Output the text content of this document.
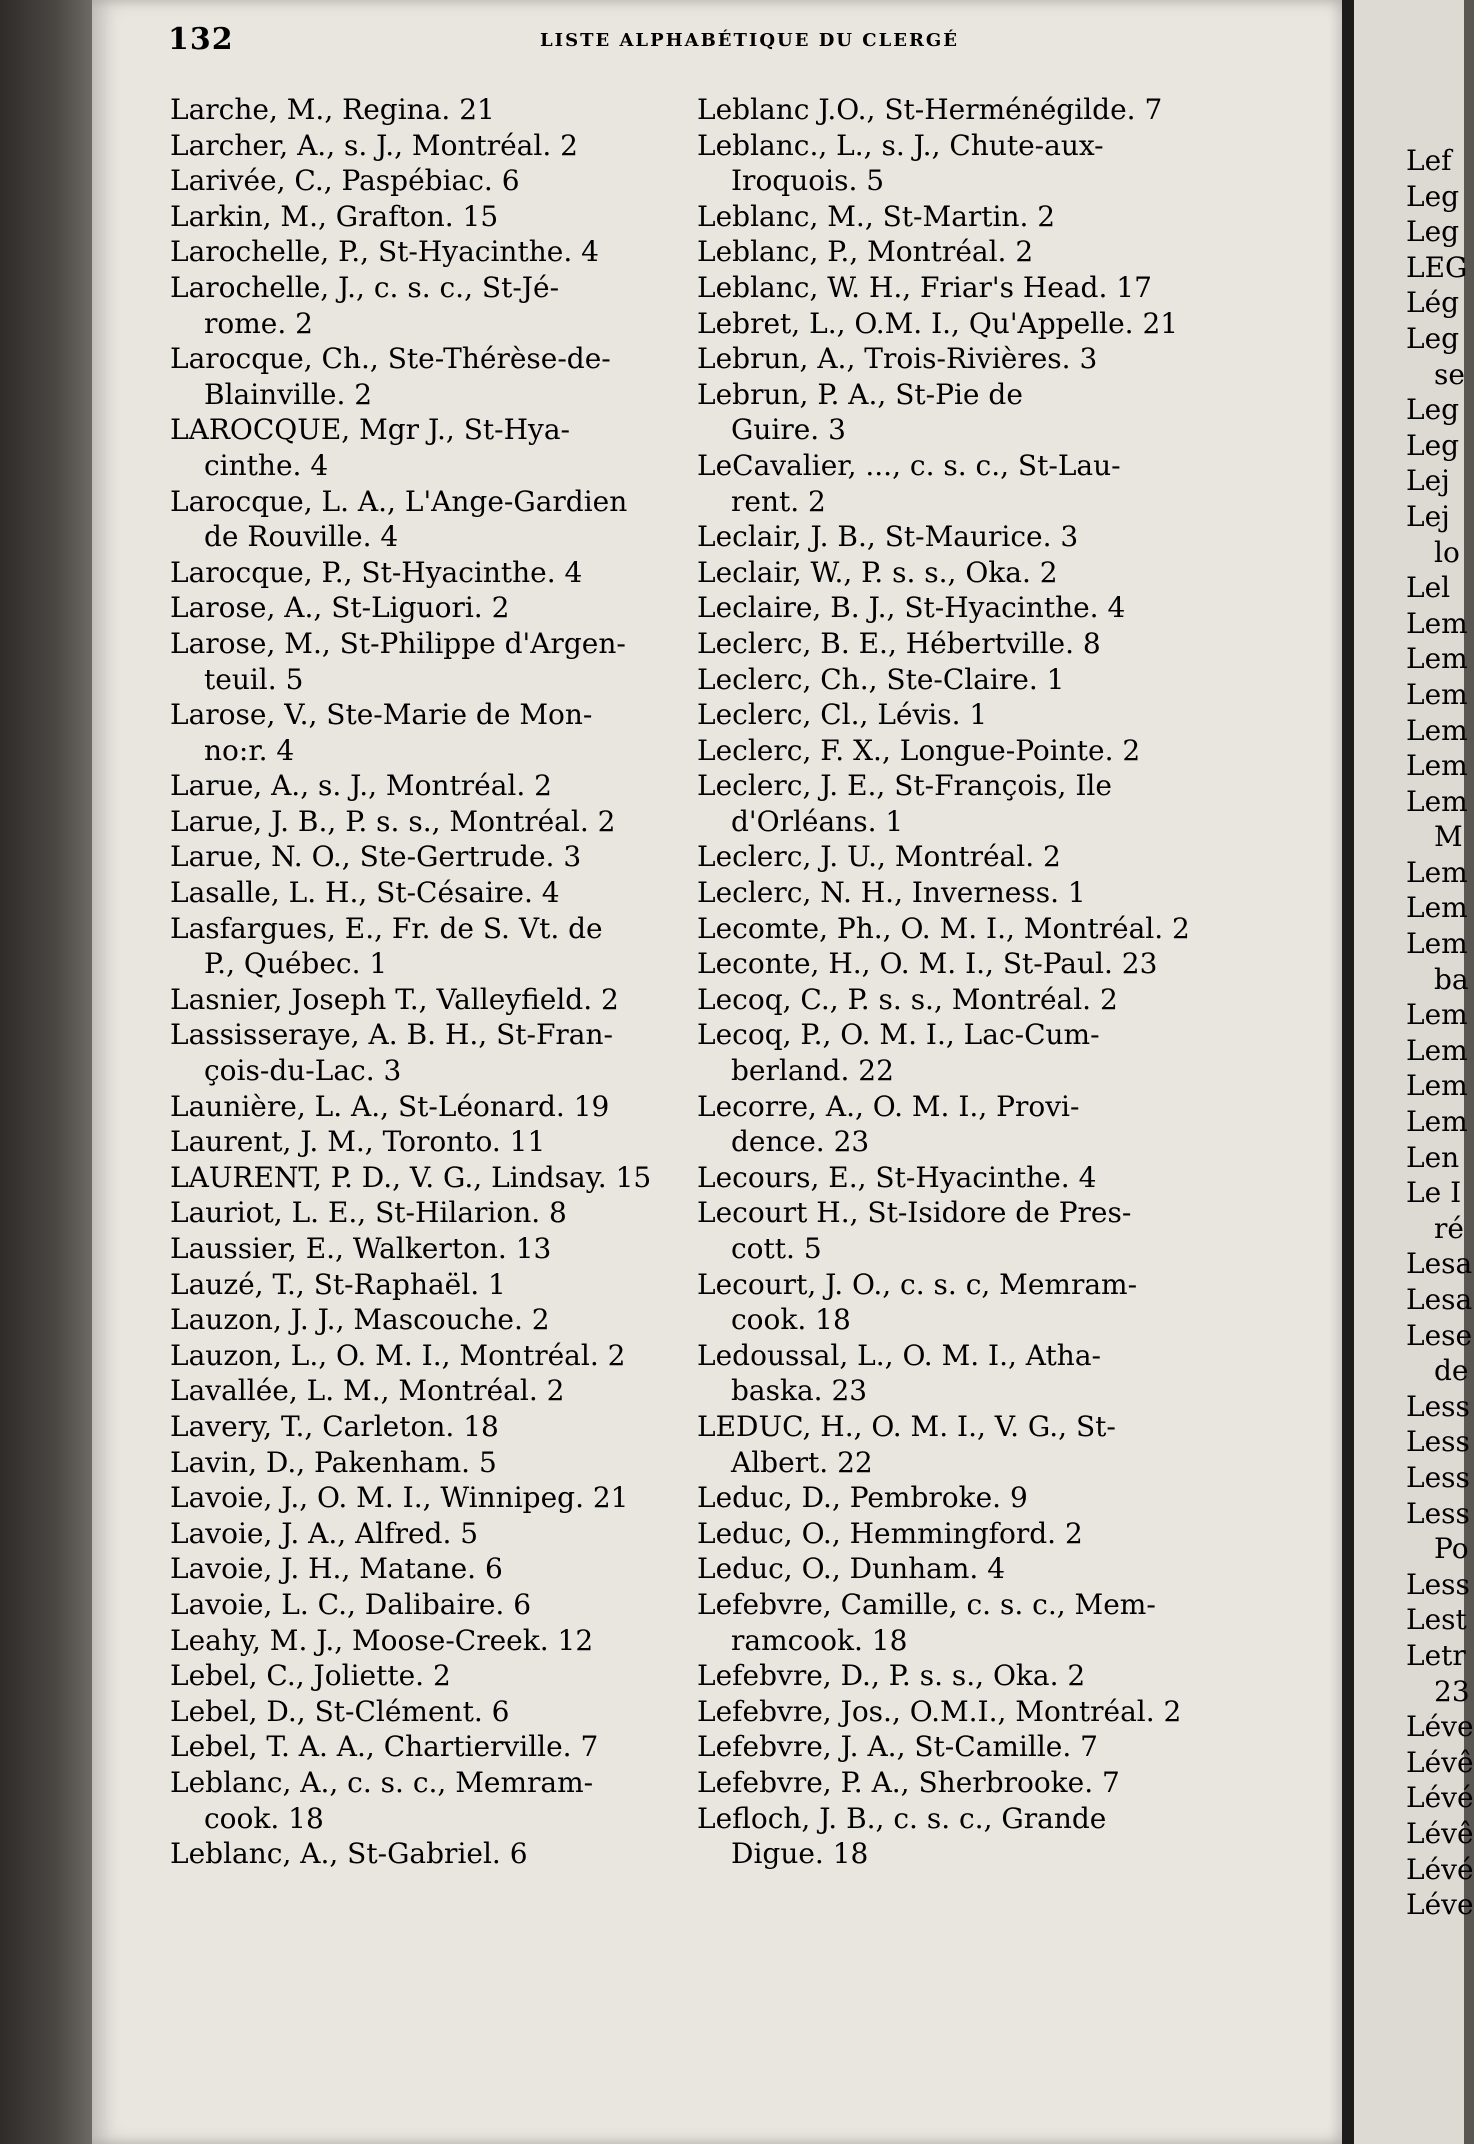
132	LISTE ALPHABÉTIQUE DU CLERGÉ
Larche, M., Regina. 21
Larcher, A., s. J., Montréal. 2
Larivée, C., Paspébiac. 6
Larkin, M., Grafton. 15
Larochelle, P., St-Hyacinthe. 4
Larochelle, J., c. s. c., St-Jé-
rome. 2
Larocque, Ch., Ste-Thérèse-de-
Blainville. 2
LAROCQUE, Mgr J., St-Hya-
cinthe. 4
Larocque, L. A., L'Ange-Gardien
de Rouville. 4
Larocque, P., St-Hyacinthe. 4
Larose, A., St-Liguori. 2
Larose, M., St-Philippe d'Argen-
teuil. 5
Larose, V., Ste-Marie de Mon-
no:r. 4
Larue, A., s. J., Montréal. 2
Larue, J. B., P. s. s., Montréal. 2
Larue, N. O., Ste-Gertrude. 3
Lasalle, L. H., St-Césaire. 4
Lasfargues, E., Fr. de S. Vt. de
P., Québec. 1
Lasnier, Joseph T., Valleyfield. 2
Lassisseraye, A. B. H., St-Fran-
çois-du-Lac. 3
Launière, L. A., St-Léonard. 19
Laurent, J. M., Toronto. 11
LAURENT, P. D., V. G., Lindsay. 15
Lauriot, L. E., St-Hilarion. 8
Laussier, E., Walkerton. 13
Lauzé, T., St-Raphaël. 1
Lauzon, J. J., Mascouche. 2
Lauzon, L., O. M. I., Montréal. 2
Lavallée, L. M., Montréal. 2
Lavery, T., Carleton. 18
Lavin, D., Pakenham. 5
Lavoie, J., O. M. I., Winnipeg. 21
Lavoie, J. A., Alfred. 5
Lavoie, J. H., Matane. 6
Lavoie, L. C., Dalibaire. 6
Leahy, M. J., Moose-Creek. 12
Lebel, C., Joliette. 2
Lebel, D., St-Clément. 6
Lebel, T. A. A., Chartierville. 7
Leblanc, A., c. s. c., Memram-
cook. 18
Leblanc, A., St-Gabriel. 6
Leblanc J.O., St-Herménégilde. 7
Leblanc., L., s. J., Chute-aux-
Iroquois. 5
Leblanc, M., St-Martin. 2
Leblanc, P., Montréal. 2
Leblanc, W. H., Friar's Head. 17
Lebret, L., O.M. I., Qu'Appelle. 21
Lebrun, A., Trois-Rivières. 3
Lebrun, P. A., St-Pie de
Guire. 3
LeCavalier, ..., c. s. c., St-Lau-
rent. 2
Leclair, J. B., St-Maurice. 3
Leclair, W., P. s. s., Oka. 2
Leclaire, B. J., St-Hyacinthe. 4
Leclerc, B. E., Hébertville. 8
Leclerc, Ch., Ste-Claire. 1
Leclerc, Cl., Lévis. 1
Leclerc, F. X., Longue-Pointe. 2
Leclerc, J. E., St-François, Ile
d'Orléans. 1
Leclerc, J. U., Montréal. 2
Leclerc, N. H., Inverness. 1
Lecomte, Ph., O. M. I., Montréal. 2
Leconte, H., O. M. I., St-Paul. 23
Lecoq, C., P. s. s., Montréal. 2
Lecoq, P., O. M. I., Lac-Cum-
berland. 22
Lecorre, A., O. M. I., Provi-
dence. 23
Lecours, E., St-Hyacinthe. 4
Lecourt H., St-Isidore de Pres-
cott. 5
Lecourt, J. O., c. s. c, Memram-
cook. 18
Ledoussal, L., O. M. I., Atha-
baska. 23
LEDUC, H., O. M. I., V. G., St-
Albert. 22
Leduc, D., Pembroke. 9
Leduc, O., Hemmingford. 2
Leduc, O., Dunham. 4
Lefebvre, Camille, c. s. c., Mem-
ramcook. 18
Lefebvre, D., P. s. s., Oka. 2
Lefebvre, Jos., O.M.I., Montréal. 2
Lefebvre, J. A., St-Camille. 7
Lefebvre, P. A., Sherbrooke. 7
Lefloch, J. B., c. s. c., Grande
Digue. 18
Lef
Leg
Leg
LEG
Lég
Leg
se
Leg
Leg
Lej
Lej
lo
Lel
Lem
Lem
Lem
Lem
Lem
Lem
M
Lem
Lem
Lem
ba
Lem
Lem
Lem
Lem
Len
Le I
ré
Lesa
Lesa
Lese
de
Less
Less
Less
Less
Po
Less
Lest
Letr
23
Léve
Lévê
Lévé
Lévê
Lévé
Léve
